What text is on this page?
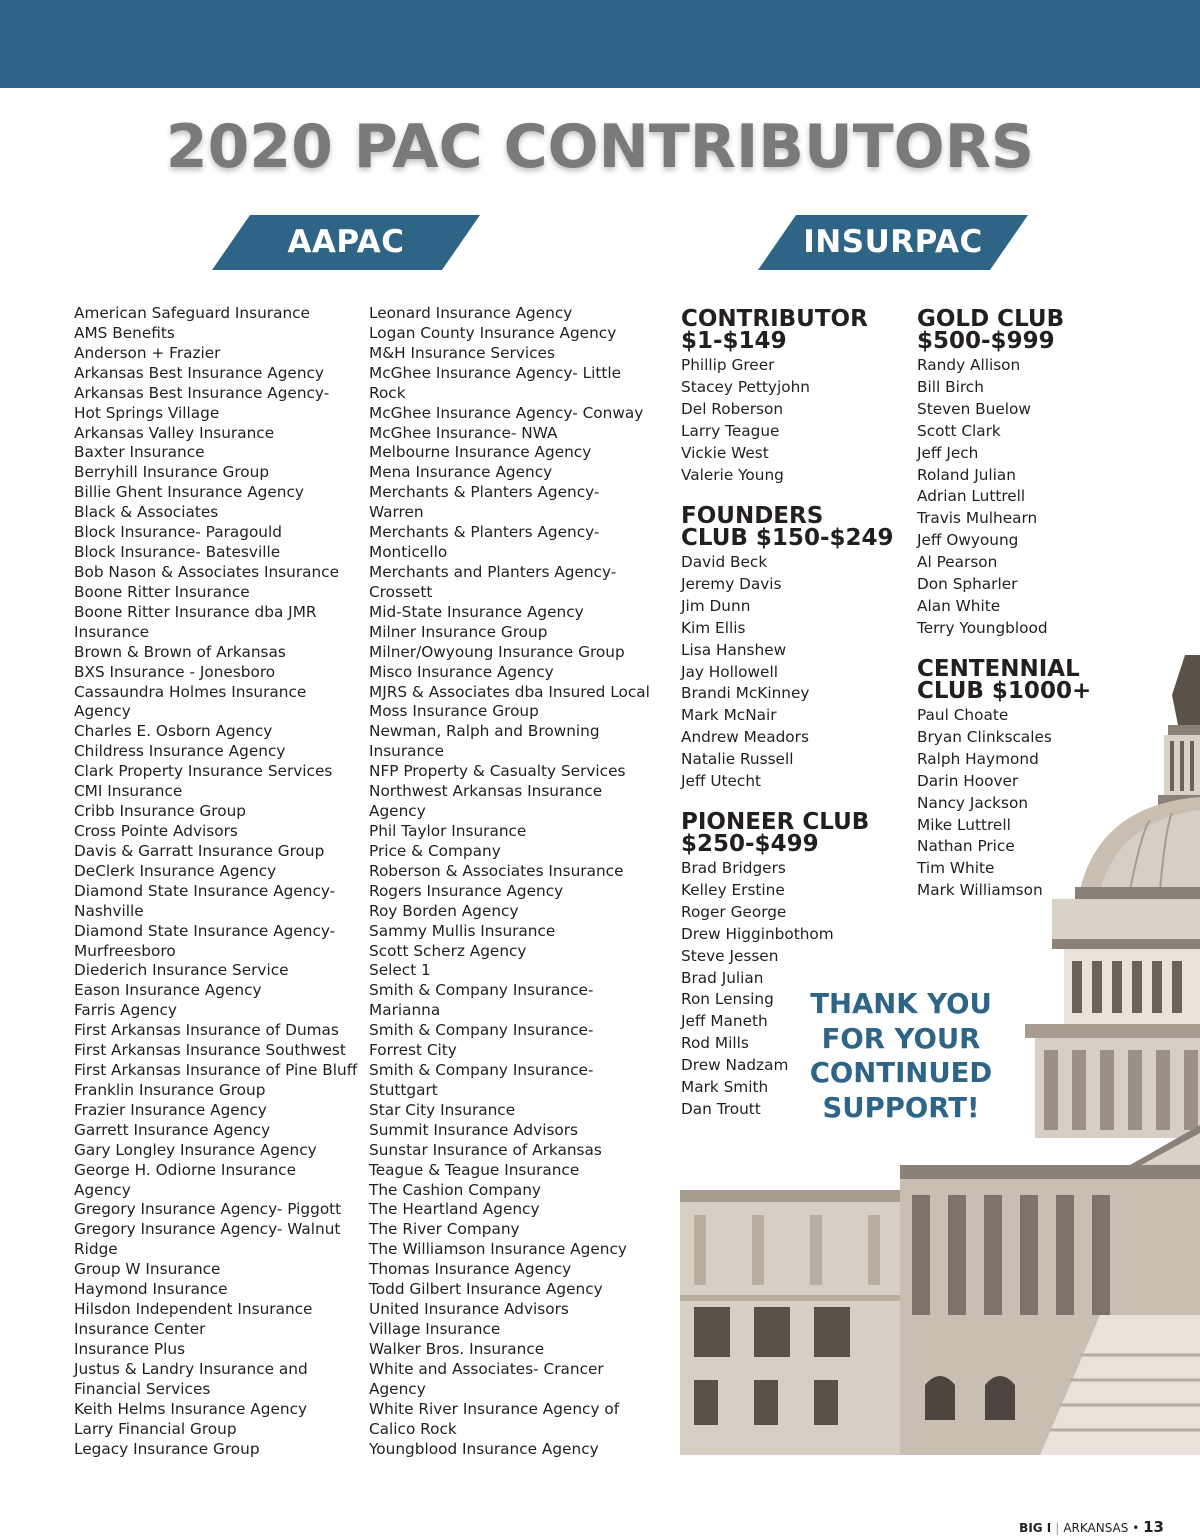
2020 PAC CONTRIBUTORS
AAPAC	INSURPAC
American Safeguard Insurance
AMS Benefits
Anderson + Frazier
Arkansas Best Insurance Agency
Arkansas Best Insurance Agency-
Hot Springs Village
Arkansas Valley Insurance
Baxter Insurance
Berryhill Insurance Group
Billie Ghent Insurance Agency
Black & Associates
Block Insurance- Paragould
Block Insurance- Batesville
Bob Nason & Associates Insurance
Boone Ritter Insurance
Boone Ritter Insurance dba JMR
Insurance
Brown & Brown of Arkansas
BXS Insurance - Jonesboro
Cassaundra Holmes Insurance
Agency
Charles E. Osborn Agency
Childress Insurance Agency
Clark Property Insurance Services
CMI Insurance
Cribb Insurance Group
Cross Pointe Advisors
Davis & Garratt Insurance Group
DeClerk Insurance Agency
Diamond State Insurance Agency-
Nashville
Diamond State Insurance Agency-
Murfreesboro
Diederich Insurance Service
Eason Insurance Agency
Farris Agency
First Arkansas Insurance of Dumas
First Arkansas Insurance Southwest
First Arkansas Insurance of Pine Bluff
Franklin Insurance Group
Frazier Insurance Agency
Garrett Insurance Agency
Gary Longley Insurance Agency
George H. Odiorne Insurance
Agency
Gregory Insurance Agency- Piggott
Gregory Insurance Agency- Walnut
Ridge
Group W Insurance
Haymond Insurance
Hilsdon Independent Insurance
Insurance Center
Insurance Plus
Justus & Landry Insurance and
Financial Services
Keith Helms Insurance Agency
Larry Financial Group
Legacy Insurance Group
Leonard Insurance Agency
Logan County Insurance Agency
M&H Insurance Services
McGhee Insurance Agency- Little
Rock
McGhee Insurance Agency- Conway
McGhee Insurance- NWA
Melbourne Insurance Agency
Mena Insurance Agency
Merchants & Planters Agency-
Warren
Merchants & Planters Agency-
Monticello
Merchants and Planters Agency-
Crossett
Mid-State Insurance Agency
Milner Insurance Group
Milner/Owyoung Insurance Group
Misco Insurance Agency
MJRS & Associates dba Insured Local
Moss Insurance Group
Newman, Ralph and Browning
Insurance
NFP Property & Casualty Services
Northwest Arkansas Insurance
Agency
Phil Taylor Insurance
Price & Company
Roberson & Associates Insurance
Rogers Insurance Agency
Roy Borden Agency
Sammy Mullis Insurance
Scott Scherz Agency
Select 1
Smith & Company Insurance-
Marianna
Smith & Company Insurance-
Forrest City
Smith & Company Insurance-
Stuttgart
Star City Insurance
Summit Insurance Advisors
Sunstar Insurance of Arkansas
Teague & Teague Insurance
The Cashion Company
The Heartland Agency
The River Company
The Williamson Insurance Agency
Thomas Insurance Agency
Todd Gilbert Insurance Agency
United Insurance Advisors
Village Insurance
Walker Bros. Insurance
White and Associates- Crancer
Agency
White River Insurance Agency of
Calico Rock
Youngblood Insurance Agency
CONTRIBUTOR
$1-$149
Phillip Greer
Stacey Pettyjohn
Del Roberson
Larry Teague
Vickie West
Valerie Young
FOUNDERS
CLUB $150-$249
David Beck
Jeremy Davis
Jim Dunn
Kim Ellis
Lisa Hanshew
Jay Hollowell
Brandi McKinney
Mark McNair
Andrew Meadors
Natalie Russell
Jeff Utecht
PIONEER CLUB
$250-$499
Brad Bridgers
Kelley Erstine
Roger George
Drew Higginbothom
Steve Jessen
Brad Julian
Ron Lensing
Jeff Maneth
Rod Mills
Drew Nadzam
Mark Smith
Dan Troutt
GOLD CLUB
$500-$999
Randy Allison
Bill Birch
Steven Buelow
Scott Clark
Jeff Jech
Roland Julian
Adrian Luttrell
Travis Mulhearn
Jeff Owyoung
Al Pearson
Don Spharler
Alan White
Terry Youngblood
CENTENNIAL
CLUB $1000+
Paul Choate
Bryan Clinkscales
Ralph Haymond
Darin Hoover
Nancy Jackson
Mike Luttrell
Nathan Price
Tim White
Mark Williamson

THANK YOU
FOR YOUR
CONTINUED
SUPPORT!

BIG I | ARKANSAS • 13
